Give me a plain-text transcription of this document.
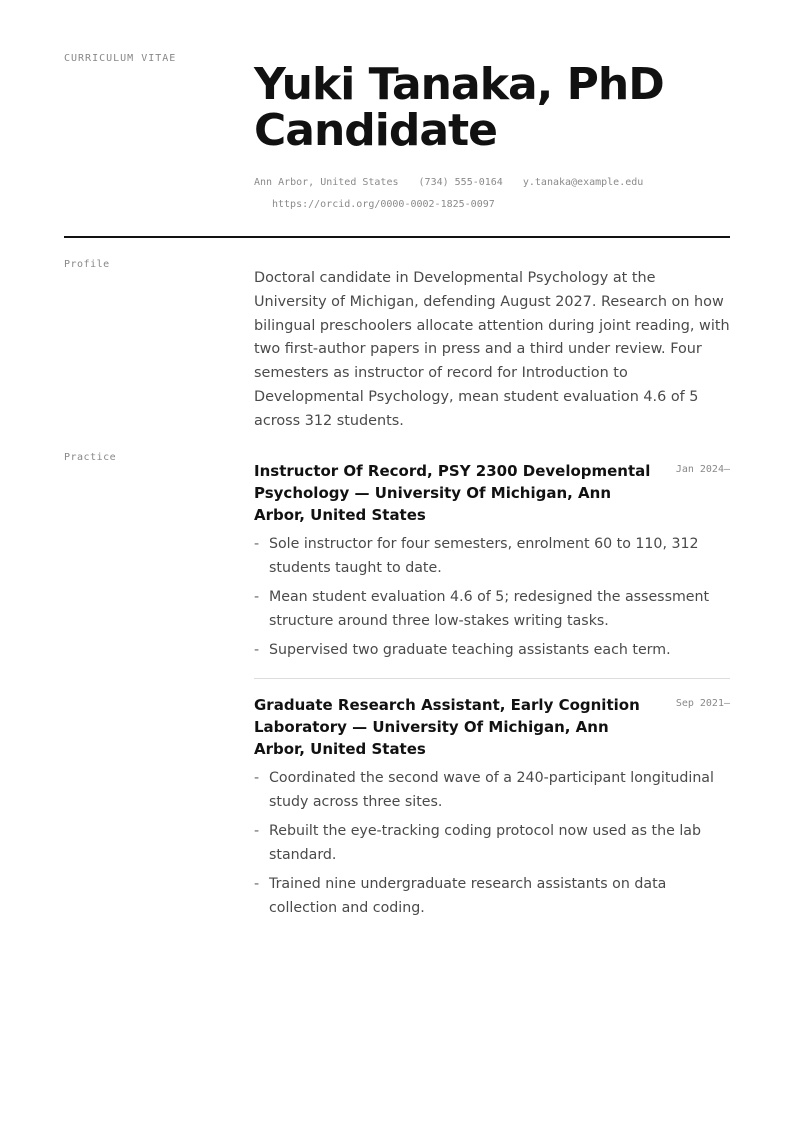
CURRICULUM VITAE
Yuki Tanaka, PhD Candidate
Ann Arbor, United States (734) 555-0164 y.tanaka@example.edu
https://orcid.org/0000-0002-1825-0097
Profile

Doctoral candidate in Developmental Psychology at the University of Michigan, defending August 2027. Research on how bilingual preschoolers allocate attention during joint reading, with two first-author papers in press and a third under review. Four semesters as instructor of record for Introduction to Developmental Psychology, mean student evaluation 4.6 of 5 across 312 students.

Practice
Instructor Of Record, PSY 2300 Developmental Psychology — University Of Michigan, Ann Arbor, United States
Jan 2024–
- Sole instructor for four semesters, enrolment 60 to 110, 312 students taught to date.
- Mean student evaluation 4.6 of 5; redesigned the assessment structure around three low-stakes writing tasks.
- Supervised two graduate teaching assistants each term.
Graduate Research Assistant, Early Cognition Laboratory — University Of Michigan, Ann Arbor, United States
Sep 2021–
- Coordinated the second wave of a 240-participant longitudinal study across three sites.
- Rebuilt the eye-tracking coding protocol now used as the lab standard.
- Trained nine undergraduate research assistants on data collection and coding.
